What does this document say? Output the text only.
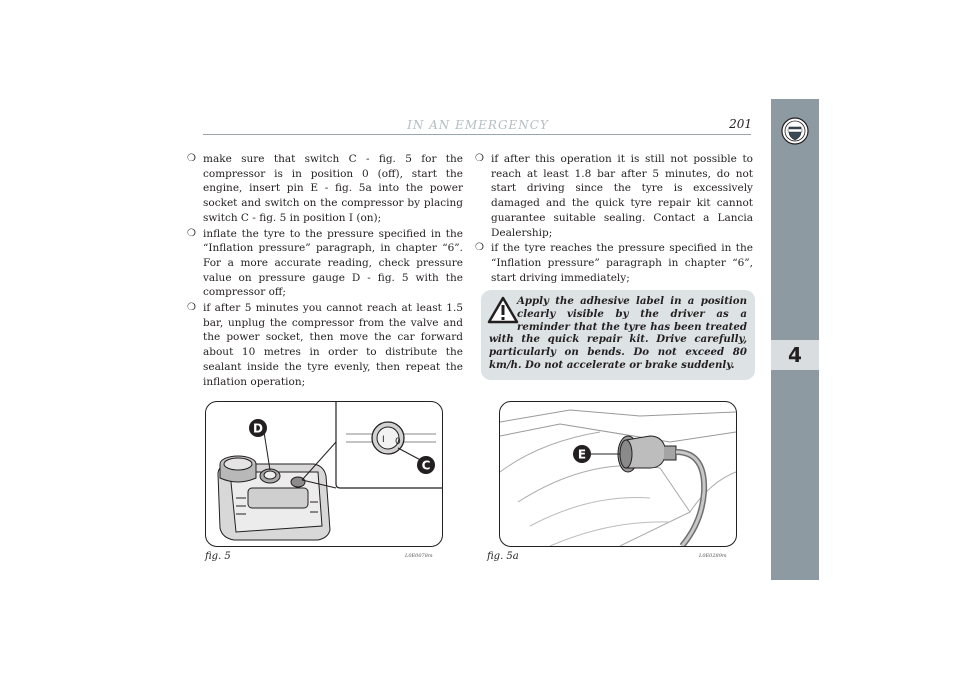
4
IN AN EMERGENCY	201
❍ make sure that switch C - fig. 5 for the compressor is in position 0 (off), start the engine, insert pin E - fig. 5a into the power socket and switch on the compressor by placing switch C - fig. 5 in position I (on);
❍ inflate the tyre to the pressure specified in the “Inflation pressure” paragraph, in chapter “6”. For a more accurate reading, check pressure value on pressure gauge D - fig. 5 with the compressor off;
❍ if after 5 minutes you cannot reach at least 1.5 bar, unplug the compressor from the valve and the power socket, then move the car forward about 10 metres in order to distribute the sealant inside the tyre evenly, then repeat the inflation operation;
❍ if after this operation it is still not possible to reach at least 1.8 bar after 5 minutes, do not start driving since the tyre is excessively damaged and the quick tyre repair kit cannot guarantee suitable sealing. Contact a Lancia Dealership;
❍ if the tyre reaches the pressure specified in the “Inflation pressure” paragraph in chapter “6”, start driving immediately;
Apply the adhesive label in a position clearly visible by the driver as a reminder that the tyre has been treated with the quick repair kit. Drive carefully, particularly on bends. Do not exceed 80 km/h. Do not accelerate or brake suddenly.
I 0
D
C
fig. 5	L0E0078m
E
fig. 5a	L0E0289m
